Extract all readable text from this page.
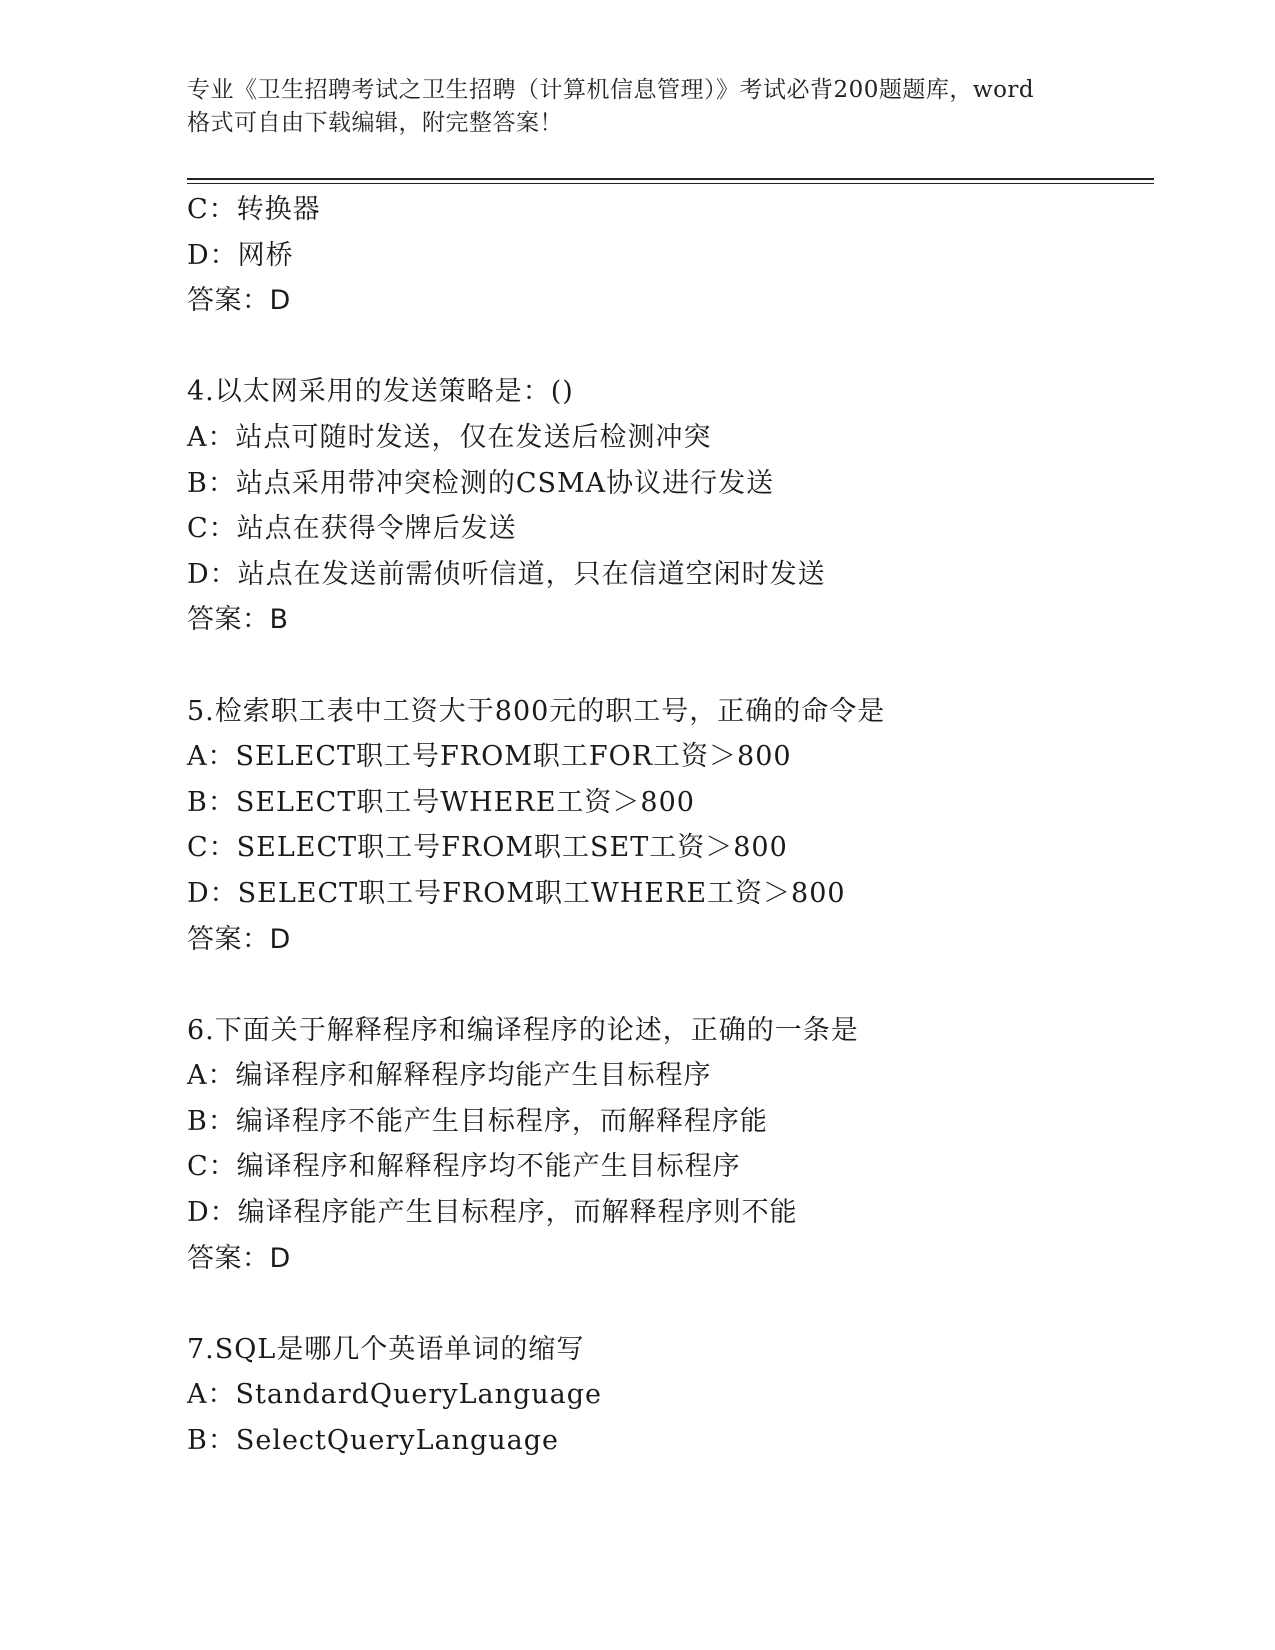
专业《卫生招聘考试之卫生招聘（计算机信息管理）》考试必背200题题库，word
格式可自由下载编辑，附完整答案！
C：转换器
D：网桥
答案：D
4.以太网采用的发送策略是：()
A：站点可随时发送，仅在发送后检测冲突
B：站点采用带冲突检测的CSMA协议进行发送
C：站点在获得令牌后发送
D：站点在发送前需侦听信道，只在信道空闲时发送
答案：B
5.检索职工表中工资大于800元的职工号，正确的命令是
A：SELECT职工号FROM职工FOR工资＞800
B：SELECT职工号WHERE工资＞800
C：SELECT职工号FROM职工SET工资＞800
D：SELECT职工号FROM职工WHERE工资＞800
答案：D
6.下面关于解释程序和编译程序的论述，正确的一条是
A：编译程序和解释程序均能产生目标程序
B：编译程序不能产生目标程序，而解释程序能
C：编译程序和解释程序均不能产生目标程序
D：编译程序能产生目标程序，而解释程序则不能
答案：D
7.SQL是哪几个英语单词的缩写
A：StandardQueryLanguage
B：SelectQueryLanguage
